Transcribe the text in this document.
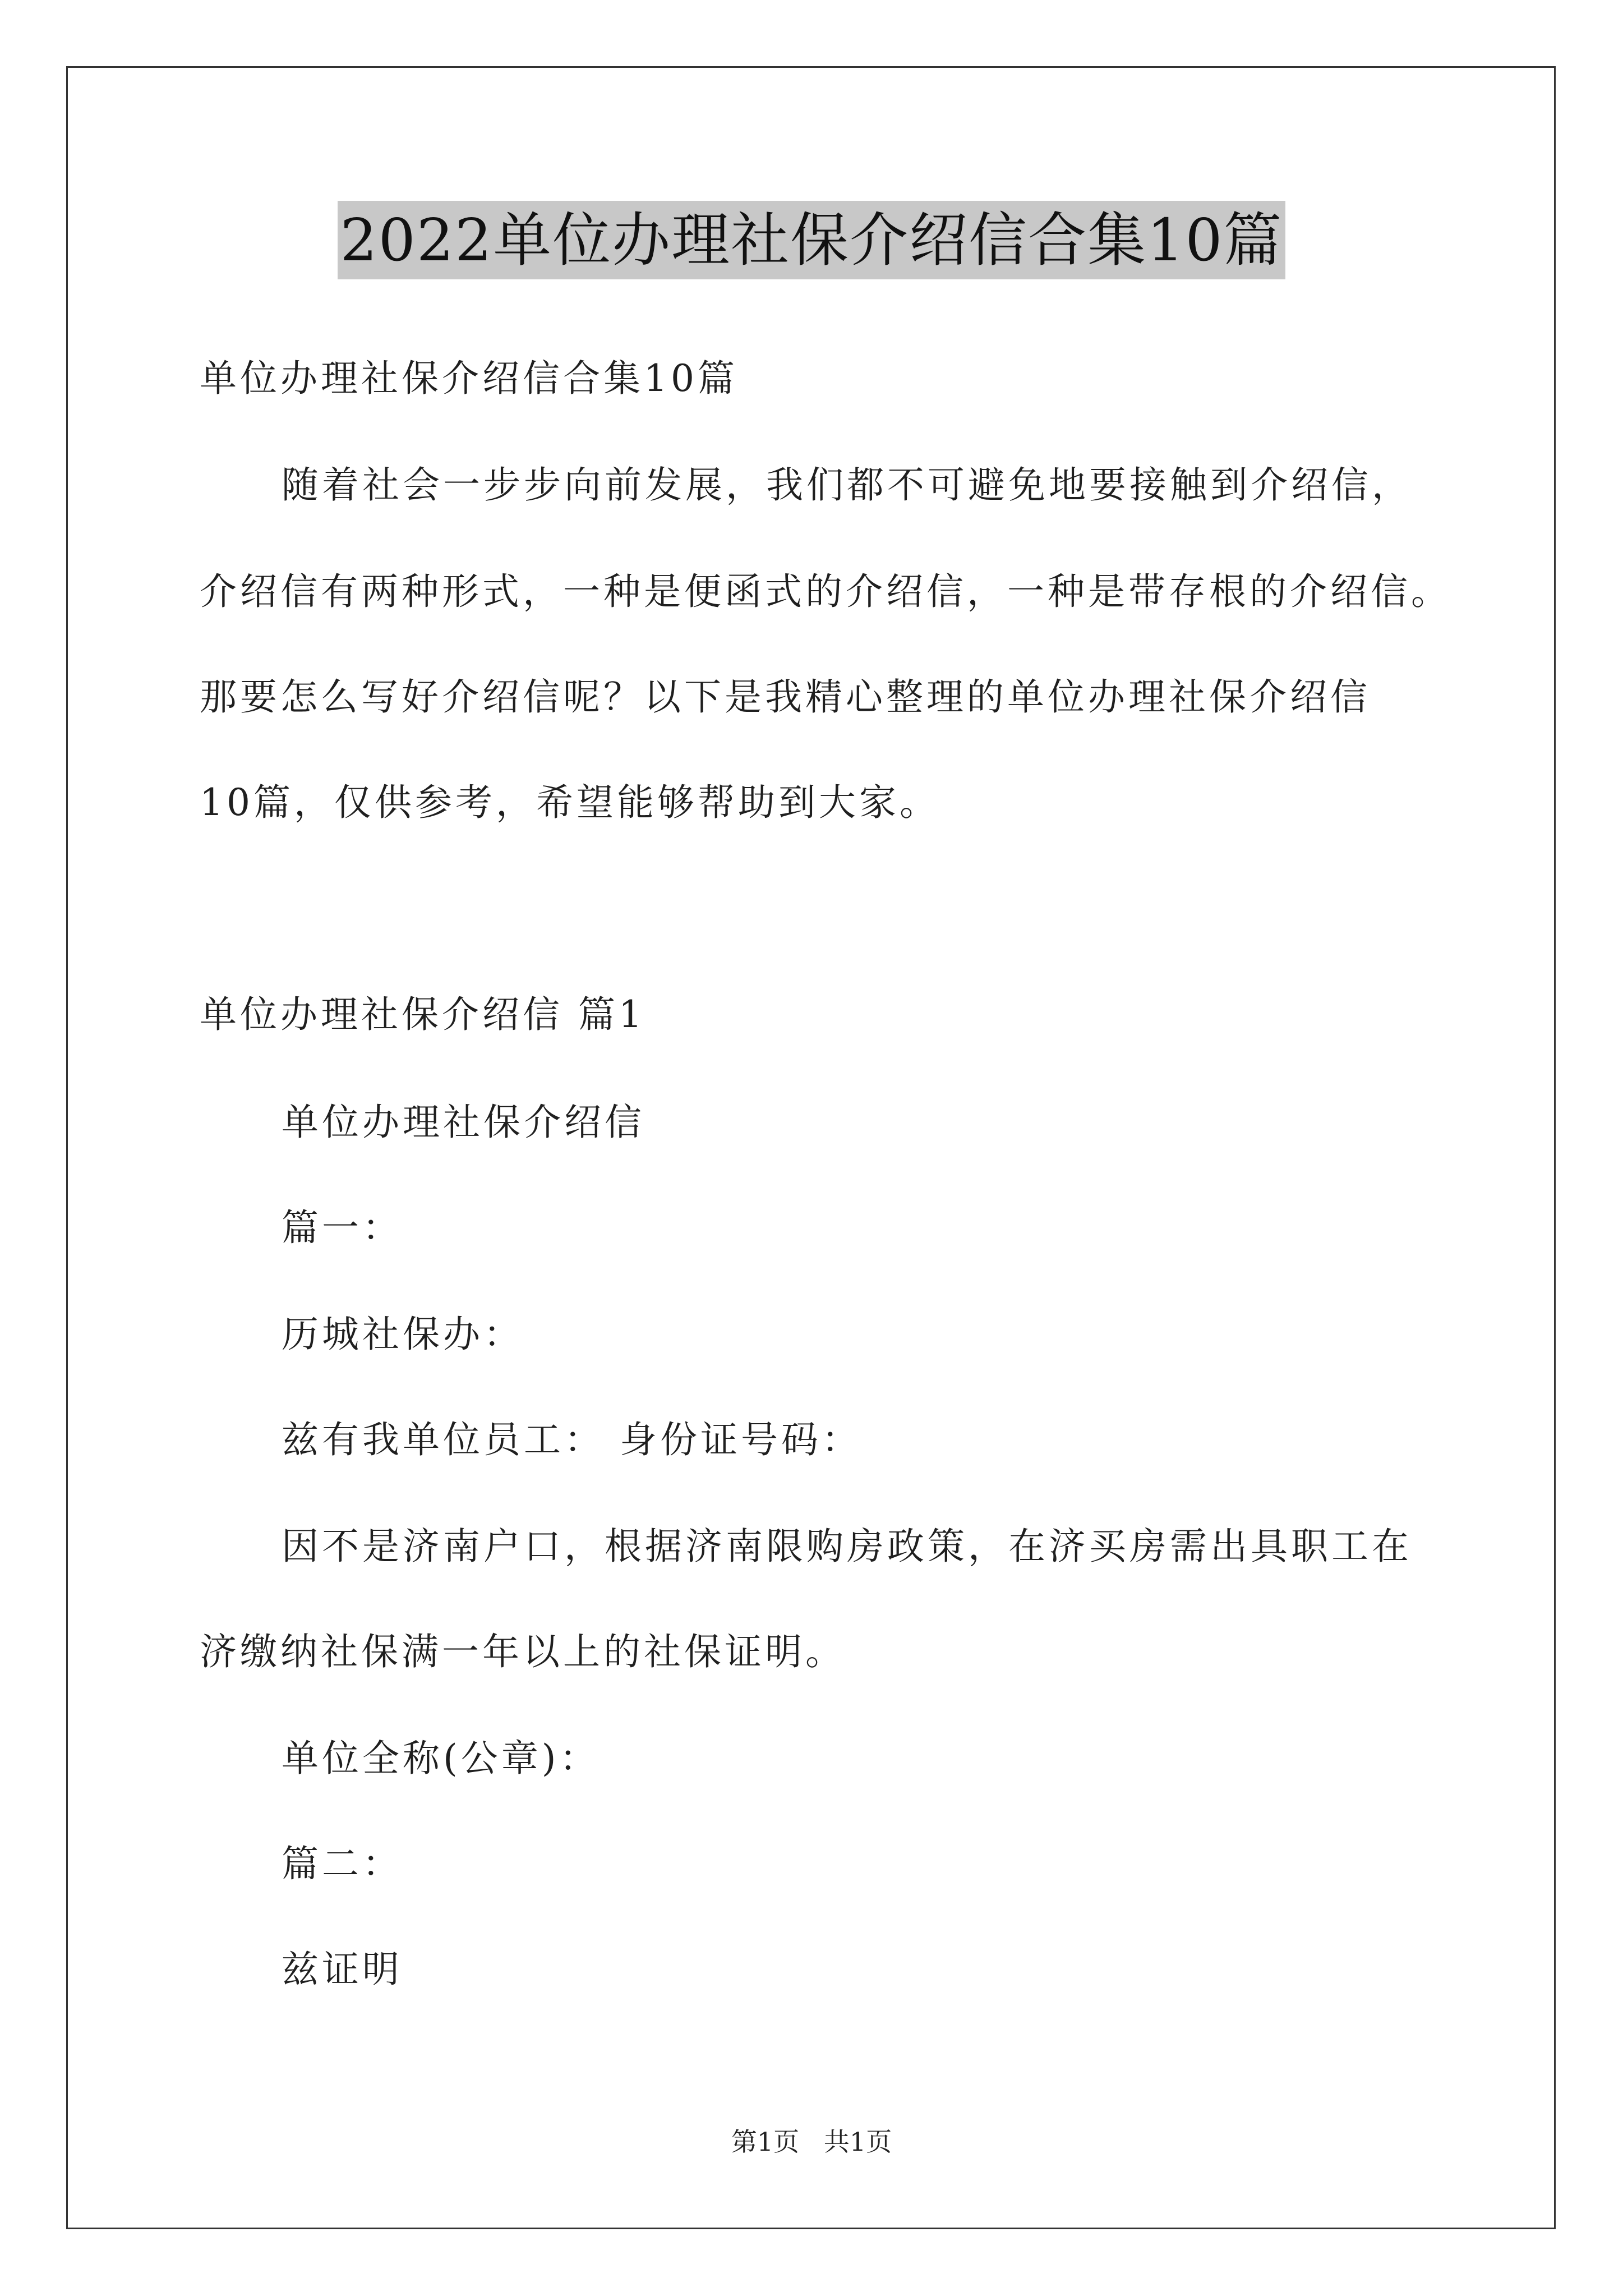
2022单位办理社保介绍信合集10篇
单位办理社保介绍信合集10篇
随着社会一步步向前发展，我们都不可避免地要接触到介绍信，
介绍信有两种形式，一种是便函式的介绍信，一种是带存根的介绍信。
那要怎么写好介绍信呢？以下是我精心整理的单位办理社保介绍信
10篇，仅供参考，希望能够帮助到大家。
单位办理社保介绍信 篇1
单位办理社保介绍信
篇一：
历城社保办：
兹有我单位员工： 身份证号码：
因不是济南户口，根据济南限购房政策，在济买房需出具职工在
济缴纳社保满一年以上的社保证明。
单位全称(公章)：
篇二：
兹证明
第1页   共1页
